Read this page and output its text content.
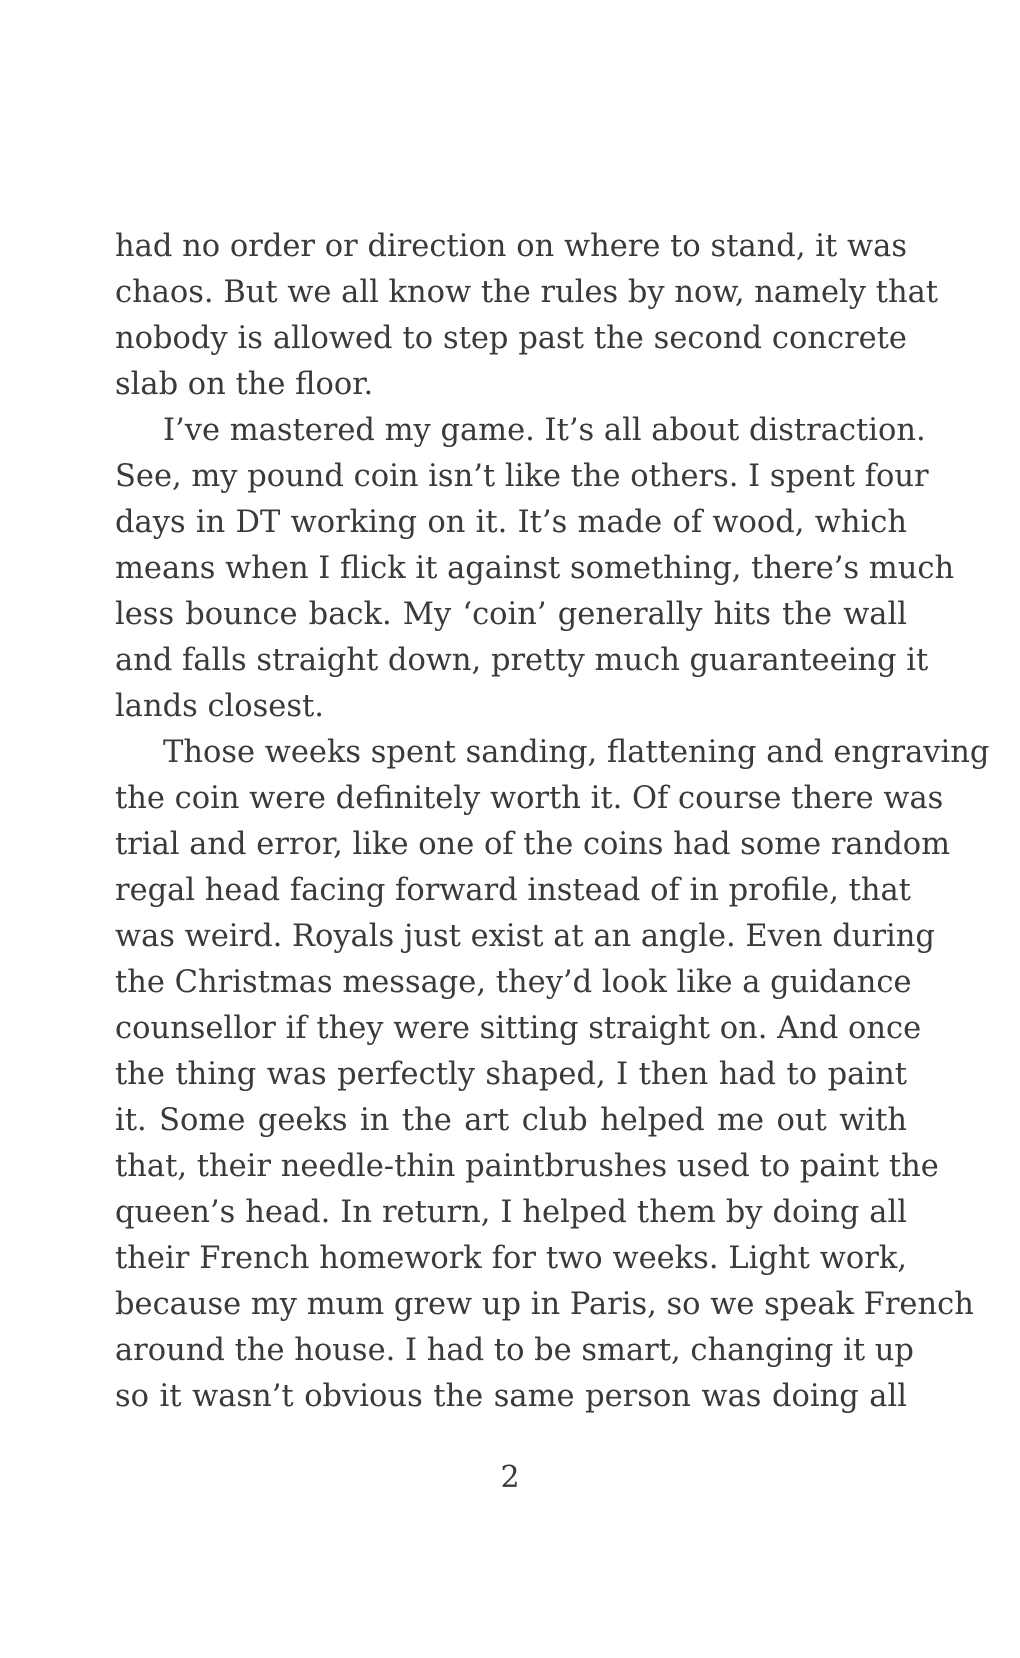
had no order or direction on where to stand, it was
chaos. But we all know the rules by now, namely that
nobody is allowed to step past the second concrete
slab on the floor.
I’ve mastered my game. It’s all about distraction.
See, my pound coin isn’t like the others. I spent four
days in DT working on it. It’s made of wood, which
means when I flick it against something, there’s much
less bounce back. My ‘coin’ generally hits the wall
and falls straight down, pretty much guaranteeing it
lands closest.
Those weeks spent sanding, flattening and engraving
the coin were definitely worth it. Of course there was
trial and error, like one of the coins had some random
regal head facing forward instead of in profile, that
was weird. Royals just exist at an angle. Even during
the Christmas message, they’d look like a guidance
counsellor if they were sitting straight on. And once
the thing was perfectly shaped, I then had to paint
it. Some geeks in the art club helped me out with
that, their needle-thin paintbrushes used to paint the
queen’s head. In return, I helped them by doing all
their French homework for two weeks. Light work,
because my mum grew up in Paris, so we speak French
around the house. I had to be smart, changing it up
so it wasn’t obvious the same person was doing all
2
